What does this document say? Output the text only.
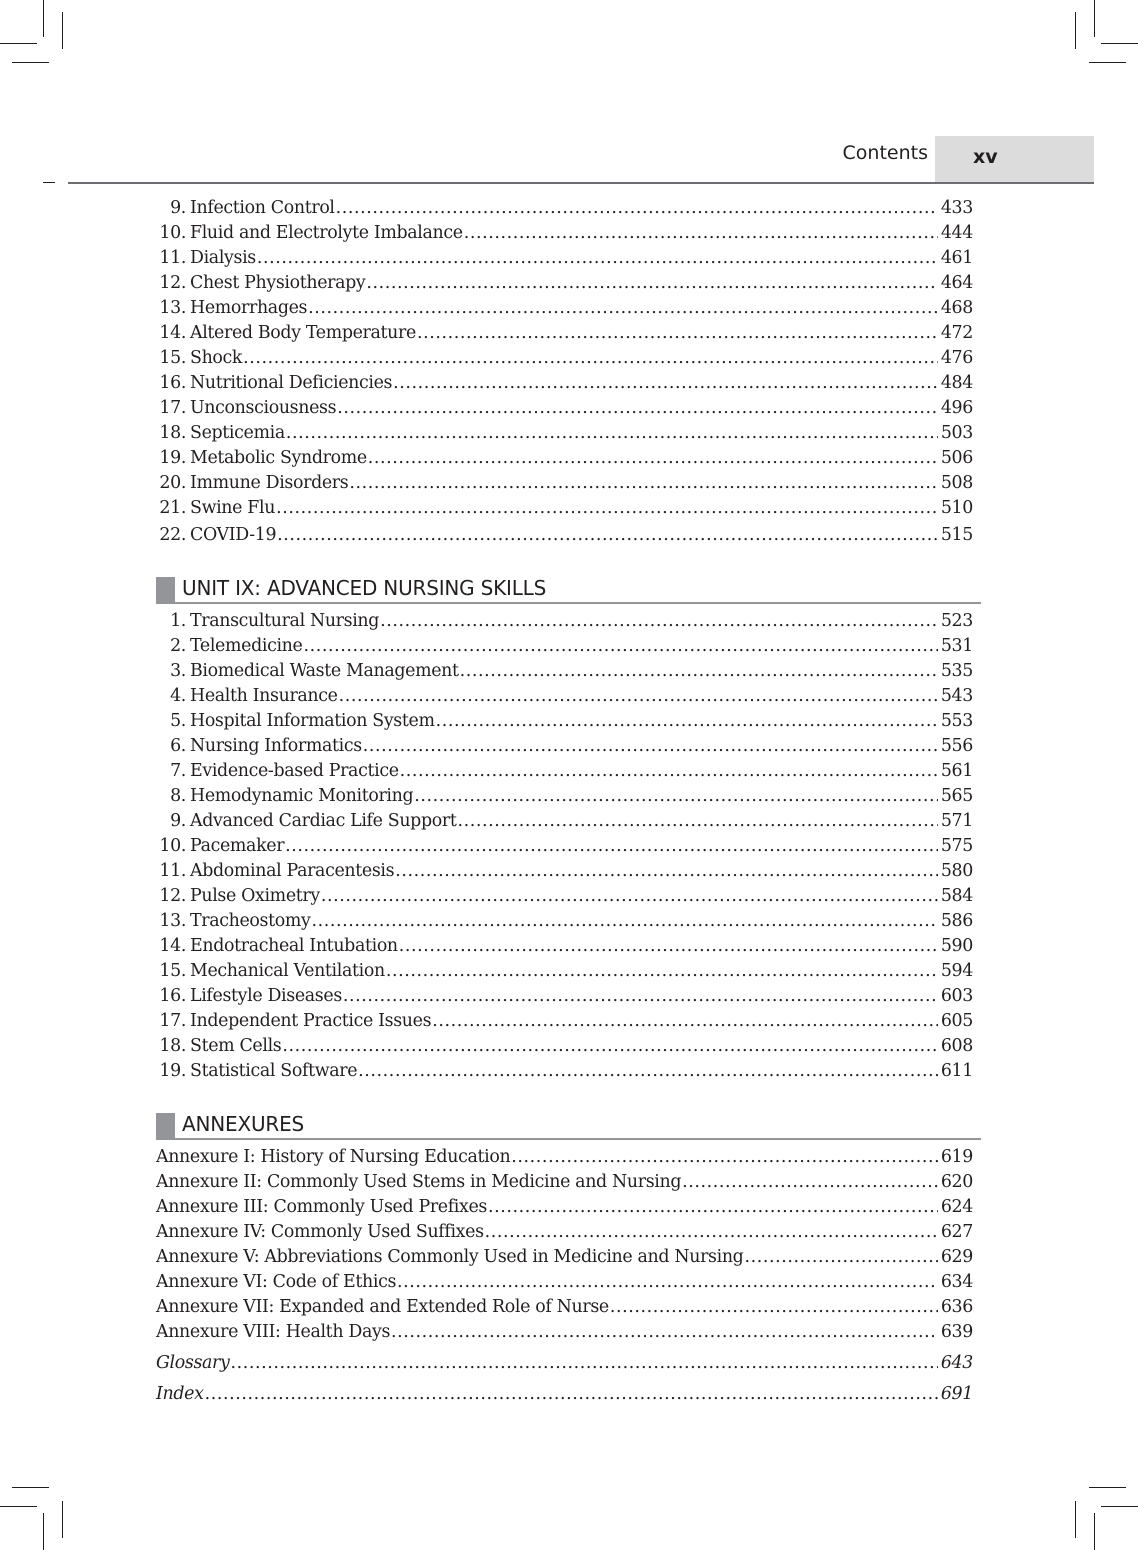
Contents xv
9. Infection Control .....	433
10. Fluid and Electrolyte Imbalance .....	444
11. Dialysis .....	461
12. Chest Physiotherapy .....	464
13. Hemorrhages .....	468
14. Altered Body Temperature .....	472
15. Shock .....	476
16. Nutritional Deficiencies .....	484
17. Unconsciousness .....	496
18. Septicemia .....	503
19. Metabolic Syndrome .....	506
20. Immune Disorders .....	508
21. Swine Flu .....	510
22. COVID-19 .....	515
UNIT IX: ADVANCED NURSING SKILLS
1. Transcultural Nursing .....	523
2. Telemedicine .....	531
3. Biomedical Waste Management .....	535
4. Health Insurance .....	543
5. Hospital Information System .....	553
6. Nursing Informatics .....	556
7. Evidence-based Practice .....	561
8. Hemodynamic Monitoring .....	565
9. Advanced Cardiac Life Support .....	571
10. Pacemaker .....	575
11. Abdominal Paracentesis .....	580
12. Pulse Oximetry .....	584
13. Tracheostomy .....	586
14. Endotracheal Intubation .....	590
15. Mechanical Ventilation .....	594
16. Lifestyle Diseases .....	603
17. Independent Practice Issues .....	605
18. Stem Cells .....	608
19. Statistical Software .....	611
ANNEXURES
Annexure I: History of Nursing Education .....	619
Annexure II: Commonly Used Stems in Medicine and Nursing .....	620
Annexure III: Commonly Used Prefixes .....	624
Annexure IV: Commonly Used Suffixes .....	627
Annexure V: Abbreviations Commonly Used in Medicine and Nursing .....	629
Annexure VI: Code of Ethics .....	634
Annexure VII: Expanded and Extended Role of Nurse .....	636
Annexure VIII: Health Days .....	639
Glossary .....	643
Index .....	691
